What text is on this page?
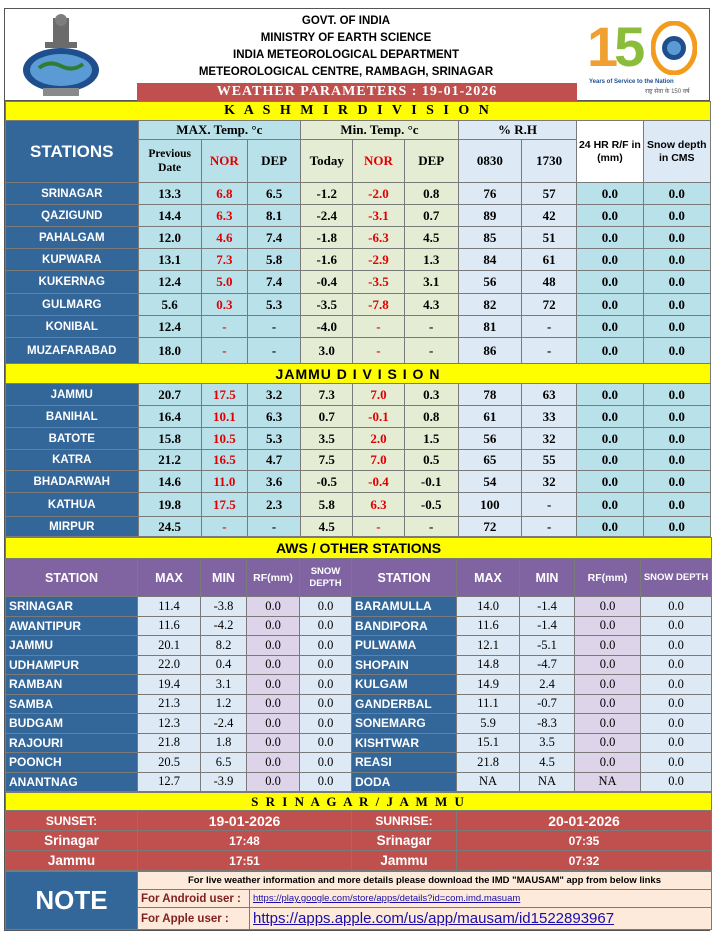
GOVT. OF INDIA
MINISTRY OF EARTH SCIENCE
INDIA METEOROLOGICAL DEPARTMENT
METEOROLOGICAL CENTRE, RAMBAGH, SRINAGAR
WEATHER PARAMETERS : 19-01-2026
15
Years of Service to the Nation
राष्ट्र सेवा के 150 वर्ष
K A S H M I R D I V I S I O N										
STATIONS	MAX. Temp. °c			Min. Temp. °c			% R.H		24 HR R/F in (mm)	Snow depth in CMS
	Previous Date	NOR	DEP	Today	NOR	DEP	0830	1730		
SRINAGAR	13.3	6.8	6.5	-1.2	-2.0	0.8	76	57	0.0	0.0
QAZIGUND	14.4	6.3	8.1	-2.4	-3.1	0.7	89	42	0.0	0.0
PAHALGAM	12.0	4.6	7.4	-1.8	-6.3	4.5	85	51	0.0	0.0
KUPWARA	13.1	7.3	5.8	-1.6	-2.9	1.3	84	61	0.0	0.0
KUKERNAG	12.4	5.0	7.4	-0.4	-3.5	3.1	56	48	0.0	0.0
GULMARG	5.6	0.3	5.3	-3.5	-7.8	4.3	82	72	0.0	0.0
KONIBAL	12.4	-	-	-4.0	-	-	81	-	0.0	0.0
MUZAFARABAD	18.0	-	-	3.0	-	-	86	-	0.0	0.0
JAMMU D I V I S I O N										
JAMMU	20.7	17.5	3.2	7.3	7.0	0.3	78	63	0.0	0.0
BANIHAL	16.4	10.1	6.3	0.7	-0.1	0.8	61	33	0.0	0.0
BATOTE	15.8	10.5	5.3	3.5	2.0	1.5	56	32	0.0	0.0
KATRA	21.2	16.5	4.7	7.5	7.0	0.5	65	55	0.0	0.0
BHADARWAH	14.6	11.0	3.6	-0.5	-0.4	-0.1	54	32	0.0	0.0
KATHUA	19.8	17.5	2.3	5.8	6.3	-0.5	100	-	0.0	0.0
MIRPUR	24.5	-	-	4.5	-	-	72	-	0.0	0.0
AWS / OTHER STATIONS									
STATION	MAX	MIN	RF(mm)	SNOW DEPTH	STATION	MAX	MIN	RF(mm)	SNOW DEPTH
SRINAGAR	11.4	-3.8	0.0	0.0	BARAMULLA	14.0	-1.4	0.0	0.0
AWANTIPUR	11.6	-4.2	0.0	0.0	BANDIPORA	11.6	-1.4	0.0	0.0
JAMMU	20.1	8.2	0.0	0.0	PULWAMA	12.1	-5.1	0.0	0.0
UDHAMPUR	22.0	0.4	0.0	0.0	SHOPAIN	14.8	-4.7	0.0	0.0
RAMBAN	19.4	3.1	0.0	0.0	KULGAM	14.9	2.4	0.0	0.0
SAMBA	21.3	1.2	0.0	0.0	GANDERBAL	11.1	-0.7	0.0	0.0
BUDGAM	12.3	-2.4	0.0	0.0	SONEMARG	5.9	-8.3	0.0	0.0
RAJOURI	21.8	1.8	0.0	0.0	KISHTWAR	15.1	3.5	0.0	0.0
POONCH	20.5	6.5	0.0	0.0	REASI	21.8	4.5	0.0	0.0
ANANTNAG	12.7	-3.9	0.0	0.0	DODA	NA	NA	NA	0.0
S R I N A G A R / J A M M U			
SUNSET:	19-01-2026	SUNRISE:	20-01-2026
Srinagar	17:48	Srinagar	07:35
Jammu	17:51	Jammu	07:32
NOTE	For live weather information and more details please download the IMD "MAUSAM" app from below links	
	For Android user :	https://play.google.com/store/apps/details?id=com.imd.masuam
	For Apple user :	https://apps.apple.com/us/app/mausam/id1522893967
